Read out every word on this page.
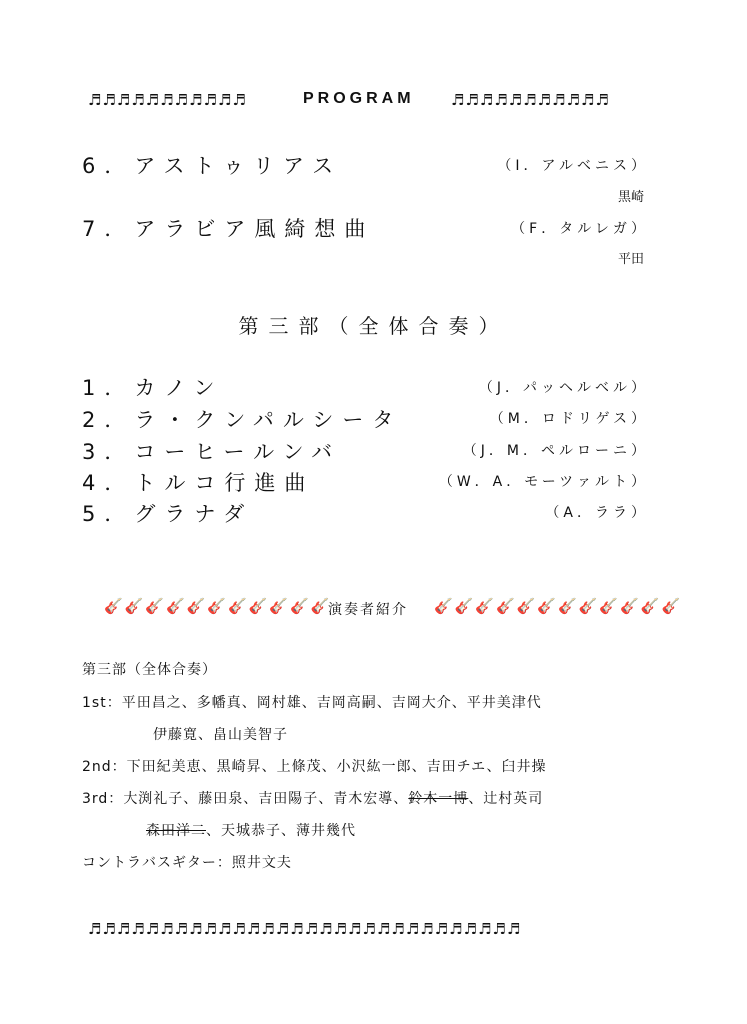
♬♬♬♬♬♬♬♬♬♬♬	PROGRAM ♬♬♬♬♬♬♬♬♬♬♬
6．アストゥリアス	（I．アルベニス）
黒崎
7．アラビア風綺想曲	（F．タルレガ）
平田
第三部（全体合奏）
1．カノン	（J．パッヘルベル）
2．ラ・クンパルシータ	（M．ロドリゲス）
3．コーヒールンバ	（J．M．ペルローニ）
4．トルコ行進曲	（W．A．モーツァルト）
5．グラナダ	（A．ララ）
🎸🎸🎸🎸🎸🎸🎸🎸🎸🎸🎸
演奏者紹介 🎸🎸🎸🎸🎸🎸🎸🎸🎸🎸🎸🎸
第三部（全体合奏）
1st：平田昌之、多幡真、岡村雄、吉岡高嗣、吉岡大介、平井美津代
伊藤寛、畠山美智子
2nd：下田紀美恵、黒崎昇、上條茂、小沢紘一郎、吉田チエ、臼井操
3rd：大渕礼子、藤田泉、吉田陽子、青木宏導、鈴木一博、辻村英司
森田洋二、天城恭子、薄井幾代
コントラバスギター：照井文夫
♬♬♬♬♬♬♬♬♬♬♬♬♬♬♬♬♬♬♬♬♬♬♬♬♬♬♬♬♬♬
